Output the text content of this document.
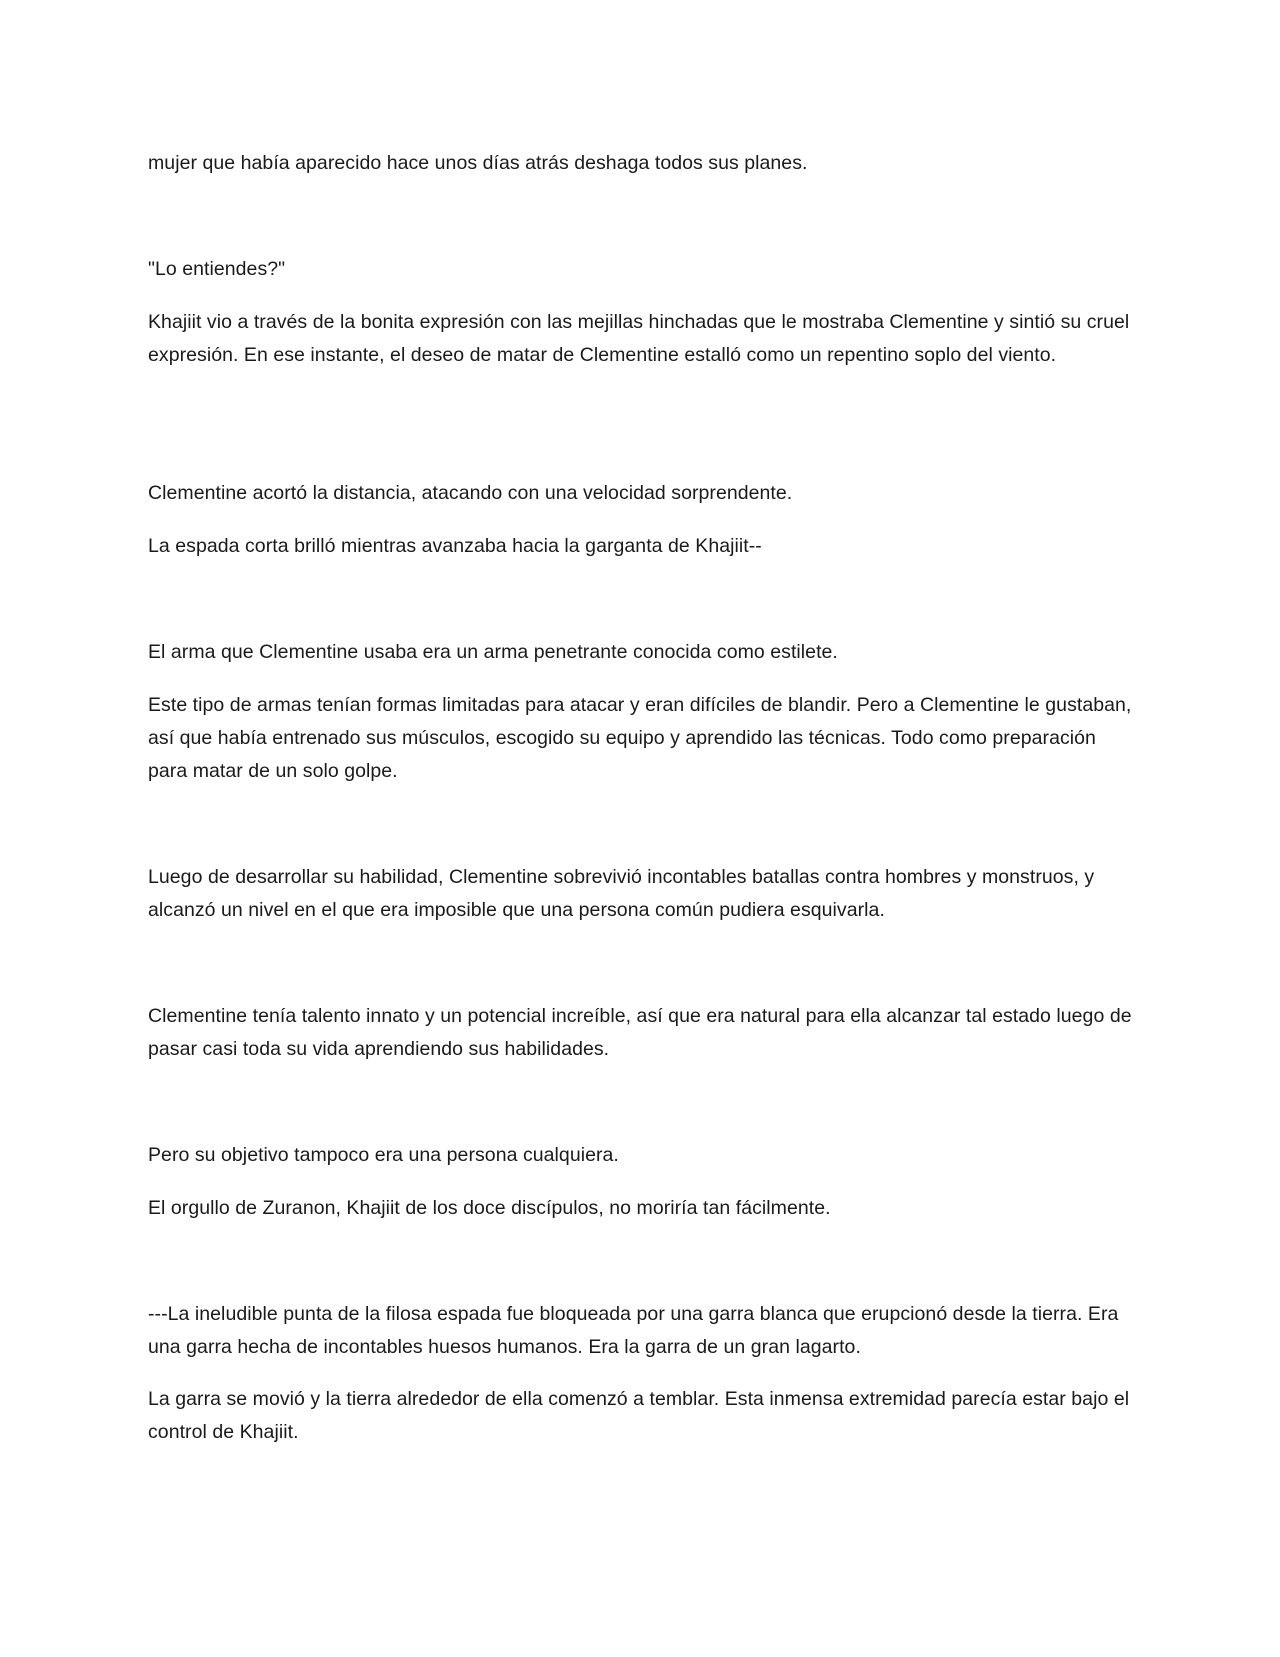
mujer que había aparecido hace unos días atrás deshaga todos sus planes.

"Lo entiendes?"

Khajiit vio a través de la bonita expresión con las mejillas hinchadas que le mostraba Clementine y sintió su cruel expresión. En ese instante, el deseo de matar de Clementine estalló como un repentino soplo del viento.

Clementine acortó la distancia, atacando con una velocidad sorprendente.

La espada corta brilló mientras avanzaba hacia la garganta de Khajiit--

El arma que Clementine usaba era un arma penetrante conocida como estilete.

Este tipo de armas tenían formas limitadas para atacar y eran difíciles de blandir. Pero a Clementine le gustaban, así que había entrenado sus músculos, escogido su equipo y aprendido las técnicas. Todo como preparación para matar de un solo golpe.

Luego de desarrollar su habilidad, Clementine sobrevivió incontables batallas contra hombres y monstruos, y alcanzó un nivel en el que era imposible que una persona común pudiera esquivarla.

Clementine tenía talento innato y un potencial increíble, así que era natural para ella alcanzar tal estado luego de pasar casi toda su vida aprendiendo sus habilidades.

Pero su objetivo tampoco era una persona cualquiera.

El orgullo de Zuranon, Khajiit de los doce discípulos, no moriría tan fácilmente.

---La ineludible punta de la filosa espada fue bloqueada por una garra blanca que erupcionó desde la tierra. Era una garra hecha de incontables huesos humanos. Era la garra de un gran lagarto.

La garra se movió y la tierra alrededor de ella comenzó a temblar. Esta inmensa extremidad parecía estar bajo el control de Khajiit.
